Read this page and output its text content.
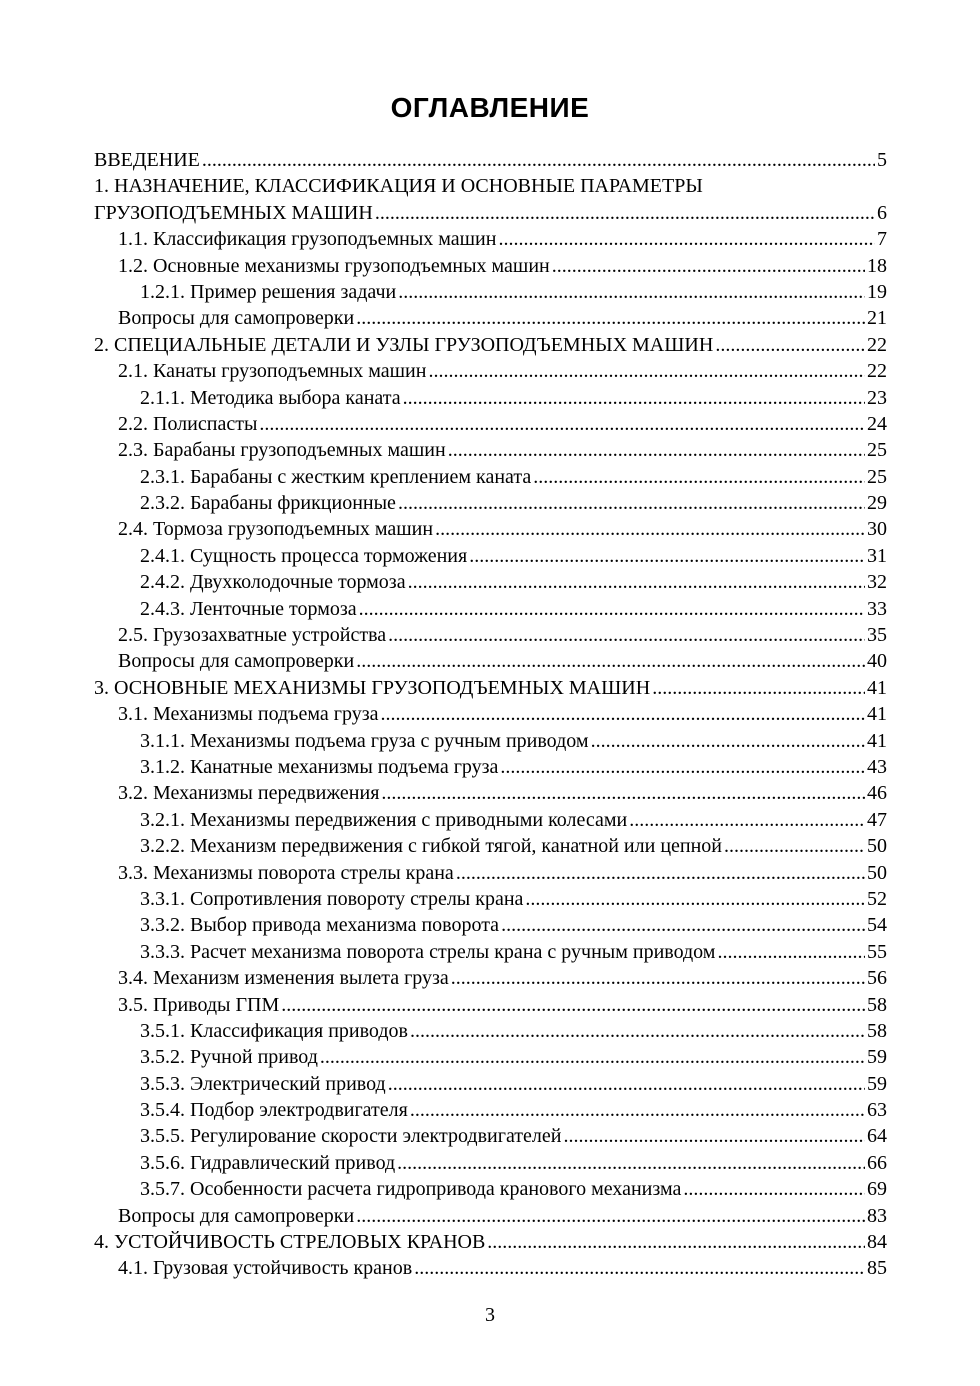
ОГЛАВЛЕНИЕ
ВВЕДЕНИЕ .....	5
1. НАЗНАЧЕНИЕ, КЛАССИФИКАЦИЯ И ОСНОВНЫЕ ПАРАМЕТРЫ
ГРУЗОПОДЪЕМНЫХ МАШИН .....	6
1.1. Классификация грузоподъемных машин .....	7
1.2. Основные механизмы грузоподъемных машин .....	18
1.2.1. Пример решения задачи .....	19
Вопросы для самопроверки .....	21
2. СПЕЦИАЛЬНЫЕ ДЕТАЛИ И УЗЛЫ ГРУЗОПОДЪЕМНЫХ МАШИН .....	22
2.1. Канаты грузоподъемных машин .....	22
2.1.1. Методика выбора каната .....	23
2.2. Полиспасты .....	24
2.3. Барабаны грузоподъемных машин .....	25
2.3.1. Барабаны с жестким креплением каната .....	25
2.3.2. Барабаны фрикционные .....	29
2.4. Тормоза грузоподъемных машин .....	30
2.4.1. Сущность процесса торможения .....	31
2.4.2. Двухколодочные тормоза .....	32
2.4.3. Ленточные тормоза .....	33
2.5. Грузозахватные устройства .....	35
Вопросы для самопроверки .....	40
3. ОСНОВНЫЕ МЕХАНИЗМЫ ГРУЗОПОДЪЕМНЫХ МАШИН .....	41
3.1. Механизмы подъема груза .....	41
3.1.1. Механизмы подъема груза с ручным приводом .....	41
3.1.2. Канатные механизмы подъема груза .....	43
3.2. Механизмы передвижения .....	46
3.2.1. Механизмы передвижения с приводными колесами .....	47
3.2.2. Механизм передвижения с гибкой тягой, канатной или цепной .....	50
3.3. Механизмы поворота стрелы крана .....	50
3.3.1. Сопротивления повороту стрелы крана .....	52
3.3.2. Выбор привода механизма поворота .....	54
3.3.3. Расчет механизма поворота стрелы крана с ручным приводом .....	55
3.4. Механизм изменения вылета груза .....	56
3.5. Приводы ГПМ .....	58
3.5.1. Классификация приводов .....	58
3.5.2. Ручной привод .....	59
3.5.3. Электрический привод .....	59
3.5.4. Подбор электродвигателя .....	63
3.5.5. Регулирование скорости электродвигателей .....	64
3.5.6. Гидравлический привод .....	66
3.5.7. Особенности расчета гидропривода кранового механизма .....	69
Вопросы для самопроверки .....	83
4. УСТОЙЧИВОСТЬ СТРЕЛОВЫХ КРАНОВ .....	84
4.1. Грузовая устойчивость кранов .....	85
3
